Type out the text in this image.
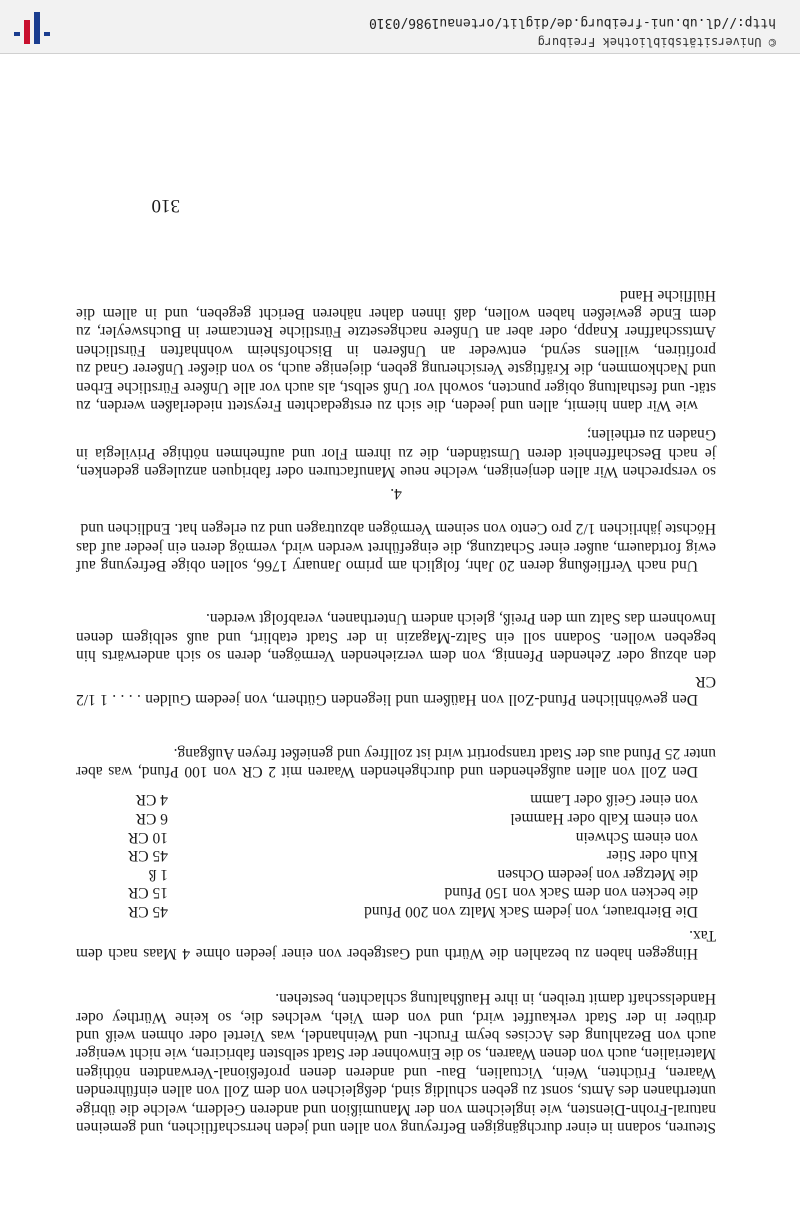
Steuren, sodann in einer durchgängigen Befreyung von allen und jeden herrschaftlichen, und gemeinen natural-Frohn-Diensten, wie ingleichem von der Manumißion und anderen Geldern, welche die übrige unterthanen des Amts, sonst zu geben schuldig sind, deßgleichen von dem Zoll von allen einführenden Waaren, Früchten, Wein, Victualien, Bau- und anderen denen profeßional-Verwandten nöthigen Materialien, auch von denen Waaren, so die Einwohner der Stadt selbsten fabriciren, wie nicht weniger auch von Bezahlung des Accises beym Frucht- und Weinhandel, was Viertel oder ohmen weiß und drüber in der Stadt verkauffet wird, und von dem Vieh, welches die, so keine Würthey oder Handelsschaft damit treiben, in ihre Haußhaltung schlachten, bestehen.

Hingegen haben zu bezahlen die Würth und Gastgeber von einer jeeden ohme 4 Maas nach dem Tax.

Die Bierbrauer, von jedem Sack Maltz von 200 Pfund
45 CR
die becken von dem Sack von 150 Pfund
15 CR
die Metzger von jeedem Ochsen
1 ß
Kuh oder Stier
45 CR
von einem Schwein
10 CR
von einem Kalb oder Hammel
6 CR
von einer Geiß oder Lamm
4 CR

Den Zoll von allen außgehenden und durchgehenden Waaren mit 2 CR von 100 Pfund, was aber unter 25 Pfund aus der Stadt transportirt wird ist zollfrey und genießet freyen Außgang.

Den gewöhnlichen Pfund-Zoll von Haüßern und liegenden Güthern, von jeedem Gulden . . . . 1 1/2 CR

den abzug oder Zehenden Pfennig, von dem verziehenden Vermögen, deren so sich anderwärts hin begeben wollen. Sodann soll ein Saltz-Magazin in der Stadt etablirt, und auß selbigem denen Inwohnern das Saltz um den Preiß, gleich andern Unterthanen, verabfolgt werden.

Und nach Verfließung deren 20 Jahr, folglich am primo January 1766, sollen obige Befreyung auf ewig fortdauern, außer einer Schatzung, die eingeführet werden wird, vermög deren ein jeeder auf das Höchste jährlichen 1/2 pro Cento von seinem Vermögen abzutragen und zu erlegen hat. Endlichen und

4.

so versprechen Wir allen denjenigen, welche neue Manufacturen oder fabriquen anzulegen gedenken, je nach Beschaffenheit deren Umständen, die zu ihrem Flor und aufnehmen nöthige Privilegia in Gnaden zu ertheilen;

wie Wir dann hiemit, allen und jeeden, die sich zu erstgedachten Freystett niederlaßen werden, zu stät- und festhaltung obiger puncten, sowohl vor Unß selbst, als auch vor alle Unßere Fürstliche Erben und Nachkommen, die Kräftigste Versicherung geben, diejenige auch, so von dießer Unßerer Gnad zu profitiren, willens seynd, entweder an Unßeren in Bischofsheim wohnhaften Fürstlichen Amtsschaffner Knapp, oder aber an Unßere nachgesetzte Fürstliche Rentcamer in Buchsweyler, zu dem Ende gewießen haben wollen, daß ihnen daher näheren Bericht gegeben, und in allem die Hülfliche Hand

310
http://dl.ub.uni-freiburg.de/diglit/ortenau1986/0310
© Universitätsbibliothek Freiburg
